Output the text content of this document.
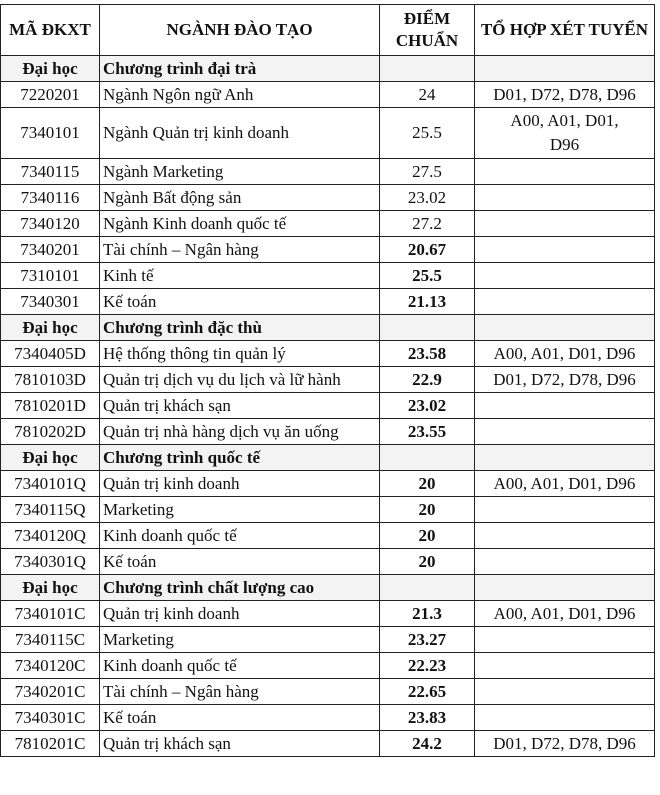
	MÃ ĐKXT	NGÀNH ĐÀO TẠO	ĐIỂM CHUẨN	TỔ HỢP XÉT TUYỂN
	Đại học	Chương trình đại trà		
	7220201	Ngành Ngôn ngữ Anh	24	D01, D72, D78, D96
	7340101	Ngành Quản trị kinh doanh	25.5	A00, A01, D01, D96
	7340115	Ngành Marketing	27.5	
	7340116	Ngành Bất động sản	23.02	
	7340120	Ngành Kinh doanh quốc tế	27.2	
	7340201	Tài chính – Ngân hàng	20.67	
	7310101	Kinh tế	25.5	
	7340301	Kế toán	21.13	
	Đại học	Chương trình đặc thù		
	7340405D	Hệ thống thông tin quản lý	23.58	A00, A01, D01, D96
	7810103D	Quản trị dịch vụ du lịch và lữ hành	22.9	D01, D72, D78, D96
	7810201D	Quản trị khách sạn	23.02	
	7810202D	Quản trị nhà hàng dịch vụ ăn uống	23.55	
	Đại học	Chương trình quốc tế		
	7340101Q	Quản trị kinh doanh	20	A00, A01, D01, D96
	7340115Q	Marketing	20	
	7340120Q	Kinh doanh quốc tế	20	
	7340301Q	Kế toán	20	
	Đại học	Chương trình chất lượng cao		
	7340101C	Quản trị kinh doanh	21.3	A00, A01, D01, D96
	7340115C	Marketing	23.27	
	7340120C	Kinh doanh quốc tế	22.23	
	7340201C	Tài chính – Ngân hàng	22.65	
	7340301C	Kế toán	23.83	
	7810201C	Quản trị khách sạn	24.2	D01, D72, D78, D96
